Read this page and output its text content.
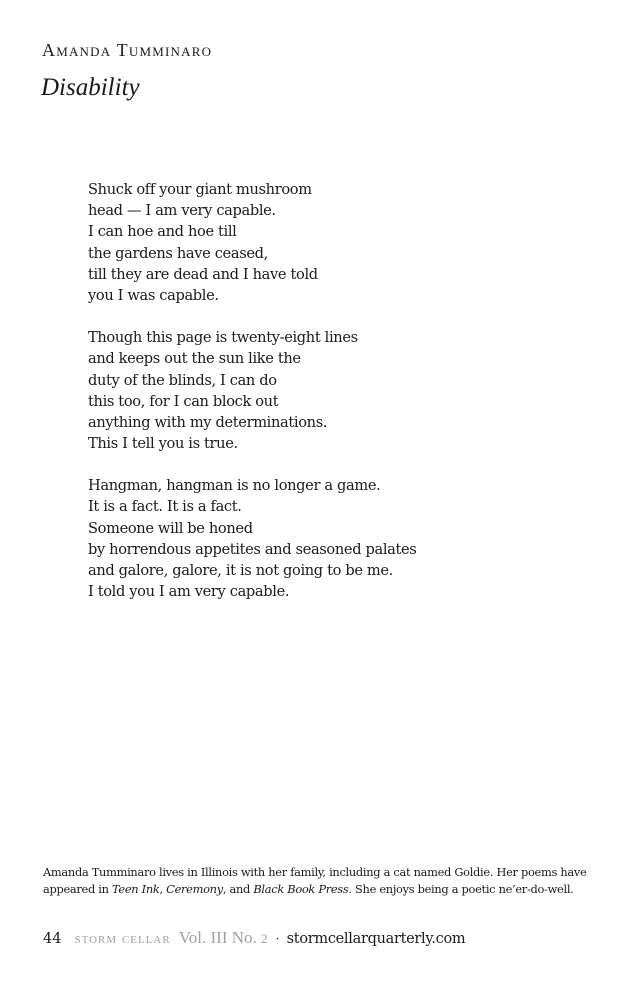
Amanda Tumminaro
Disability
Shuck off your giant mushroom
head — I am very capable.
I can hoe and hoe till
the gardens have ceased,
till they are dead and I have told
you I was capable.
Though this page is twenty-eight lines
and keeps out the sun like the
duty of the blinds, I can do
this too, for I can block out
anything with my determinations.
This I tell you is true.
Hangman, hangman is no longer a game.
It is a fact. It is a fact.
Someone will be honed
by horrendous appetites and seasoned palates
and galore, galore, it is not going to be me.
I told you I am very capable.
Amanda Tumminaro lives in Illinois with her family, including a cat named Goldie. Her poems have appeared in Teen Ink, Ceremony, and Black Book Press. She enjoys being a poetic ne’er-do-well.
44 storm cellar Vol. III No. 2 · stormcellarquarterly.com
